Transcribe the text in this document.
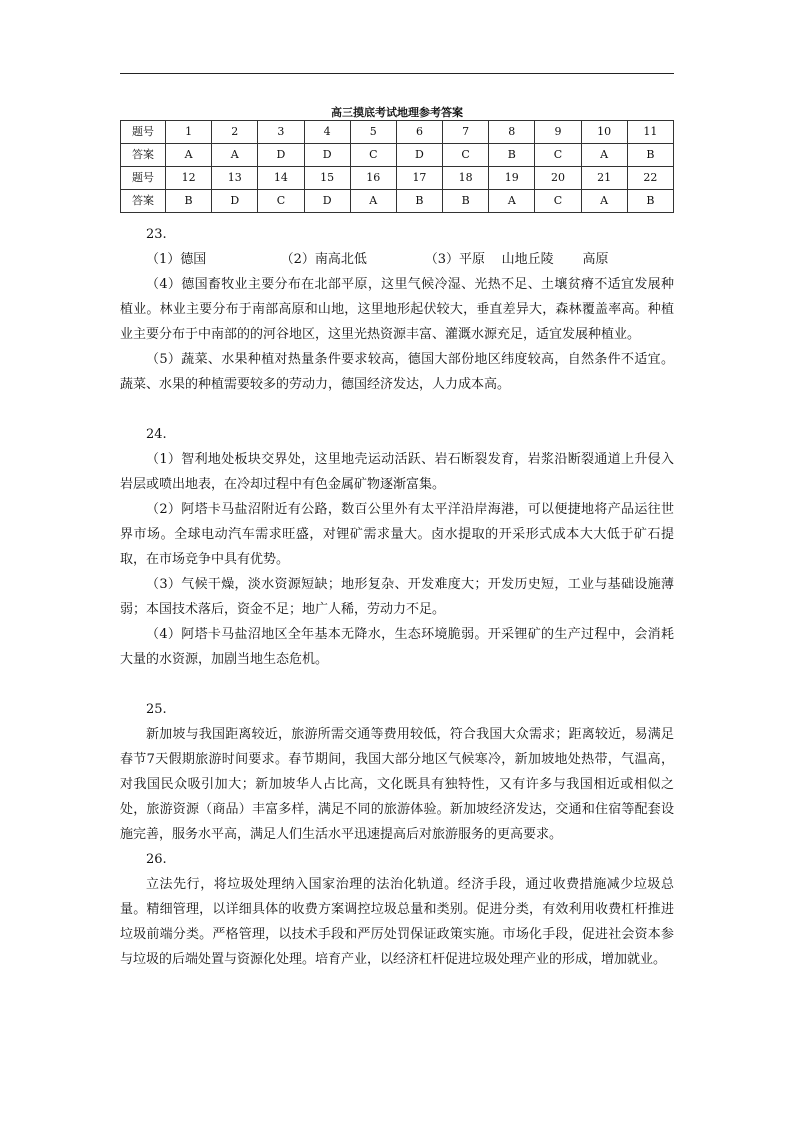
高三摸底考试地理参考答案
题号	1	2	3	4	5	6	7	8	9	10	11
答案	A	A	D	D	C	D	C	B	C	A	B
题号	12	13	14	15	16	17	18	19	20	21	22
答案	B	D	C	D	A	B	B	A	C	A	B
23.
（1）德国                  （2）南高北低              （3）平原    山地丘陵       高原

（4）德国畜牧业主要分布在北部平原，这里气候冷湿、光热不足、土壤贫瘠不适宜发展种植业。林业主要分布于南部高原和山地，这里地形起伏较大，垂直差异大，森林覆盖率高。种植业主要分布于中南部的的河谷地区，这里光热资源丰富、灌溉水源充足，适宜发展种植业。

（5）蔬菜、水果种植对热量条件要求较高，德国大部份地区纬度较高，自然条件不适宜。蔬菜、水果的种植需要较多的劳动力，德国经济发达，人力成本高。

24.

（1）智利地处板块交界处，这里地壳运动活跃、岩石断裂发育，岩浆沿断裂通道上升侵入岩层或喷出地表，在冷却过程中有色金属矿物逐渐富集。

（2）阿塔卡马盐沼附近有公路，数百公里外有太平洋沿岸海港，可以便捷地将产品运往世界市场。全球电动汽车需求旺盛，对锂矿需求量大。卤水提取的开采形式成本大大低于矿石提取，在市场竞争中具有优势。

（3）气候干燥，淡水资源短缺；地形复杂、开发难度大；开发历史短，工业与基础设施薄弱；本国技术落后，资金不足；地广人稀，劳动力不足。

（4）阿塔卡马盐沼地区全年基本无降水，生态环境脆弱。开采锂矿的生产过程中，会消耗大量的水资源，加剧当地生态危机。

25.

新加坡与我国距离较近，旅游所需交通等费用较低，符合我国大众需求；距离较近，易满足春节7天假期旅游时间要求。春节期间，我国大部分地区气候寒冷，新加坡地处热带，气温高，对我国民众吸引加大；新加坡华人占比高，文化既具有独特性，又有许多与我国相近或相似之处，旅游资源（商品）丰富多样，满足不同的旅游体验。新加坡经济发达，交通和住宿等配套设施完善，服务水平高，满足人们生活水平迅速提高后对旅游服务的更高要求。

26.

立法先行，将垃圾处理纳入国家治理的法治化轨道。经济手段，通过收费措施减少垃圾总量。精细管理，以详细具体的收费方案调控垃圾总量和类别。促进分类，有效利用收费杠杆推进垃圾前端分类。严格管理，以技术手段和严厉处罚保证政策实施。市场化手段，促进社会资本参与垃圾的后端处置与资源化处理。培育产业，以经济杠杆促进垃圾处理产业的形成，增加就业。
